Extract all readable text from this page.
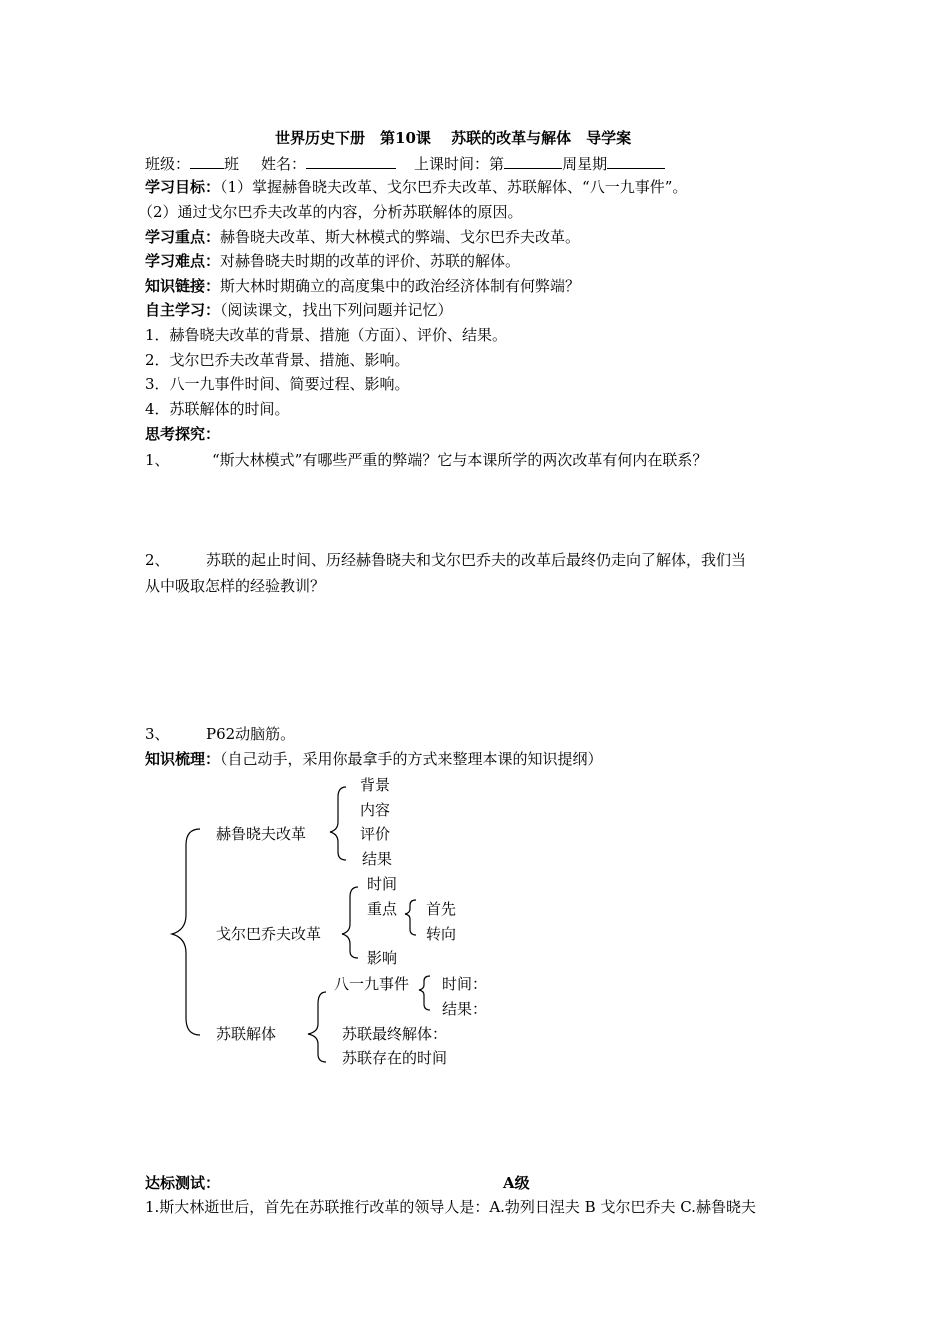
世界历史下册　第10课　 苏联的改革与解体　导学案
班级： 班 姓名：	上课时间：第	周星期
学习目标：（1）掌握赫鲁晓夫改革、戈尔巴乔夫改革、苏联解体、“八一九事件”。
（2）通过戈尔巴乔夫改革的内容，分析苏联解体的原因。
学习重点：赫鲁晓夫改革、斯大林模式的弊端、戈尔巴乔夫改革。
学习难点：对赫鲁晓夫时期的改革的评价、苏联的解体。
知识链接：斯大林时期确立的高度集中的政治经济体制有何弊端？
自主学习：（阅读课文，找出下列问题并记忆）
1．赫鲁晓夫改革的背景、措施（方面）、评价、结果。
2．戈尔巴乔夫改革背景、措施、影响。
3．八一九事件时间、简要过程、影响。
4．苏联解体的时间。
思考探究：
1、	“斯大林模式”有哪些严重的弊端？它与本课所学的两次改革有何内在联系？
2、 苏联的起止时间、历经赫鲁晓夫和戈尔巴乔夫的改革后最终仍走向了解体，我们当
从中吸取怎样的经验教训？
3、 P62动脑筋。
知识梳理：（自己动手，采用你最拿手的方式来整理本课的知识提纲）
赫鲁晓夫改革
背景
内容
评价
结果
戈尔巴乔夫改革
时间
重点 首先
转向
影响
苏联解体
八一九事件 时间：
结果：
苏联最终解体：
苏联存在的时间
达标测试：	A级
1.斯大林逝世后，首先在苏联推行改革的领导人是：A.勃列日涅夫 B 戈尔巴乔夫 C.赫鲁晓夫
